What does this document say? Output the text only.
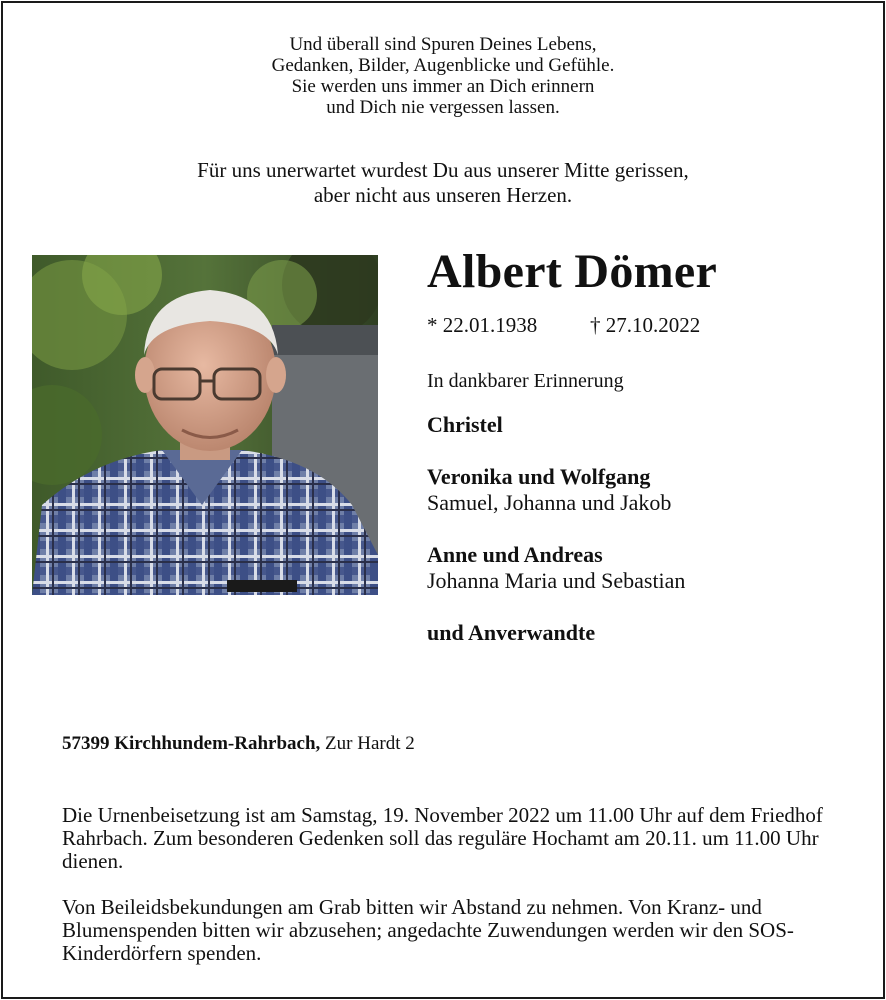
Und überall sind Spuren Deines Lebens,
Gedanken, Bilder, Augenblicke und Gefühle.
Sie werden uns immer an Dich erinnern
und Dich nie vergessen lassen.
Für uns unerwartet wurdest Du aus unserer Mitte gerissen,
aber nicht aus unseren Herzen.
Albert Dömer
* 22.01.1938	† 27.10.2022
In dankbarer Erinnerung
Christel
Veronika und Wolfgang
Samuel, Johanna und Jakob
Anne und Andreas
Johanna Maria und Sebastian
und Anverwandte
57399 Kirchhundem-Rahrbach, Zur Hardt 2

Die Urnenbeisetzung ist am Samstag, 19. November 2022 um 11.00 Uhr auf dem Friedhof Rahrbach. Zum besonderen Gedenken soll das reguläre Hochamt am 20.11. um 11.00 Uhr dienen.

Von Beileidsbekundungen am Grab bitten wir Abstand zu nehmen. Von Kranz- und Blumenspenden bitten wir abzusehen; angedachte Zuwendungen werden wir den SOS-Kinderdörfern spenden.
